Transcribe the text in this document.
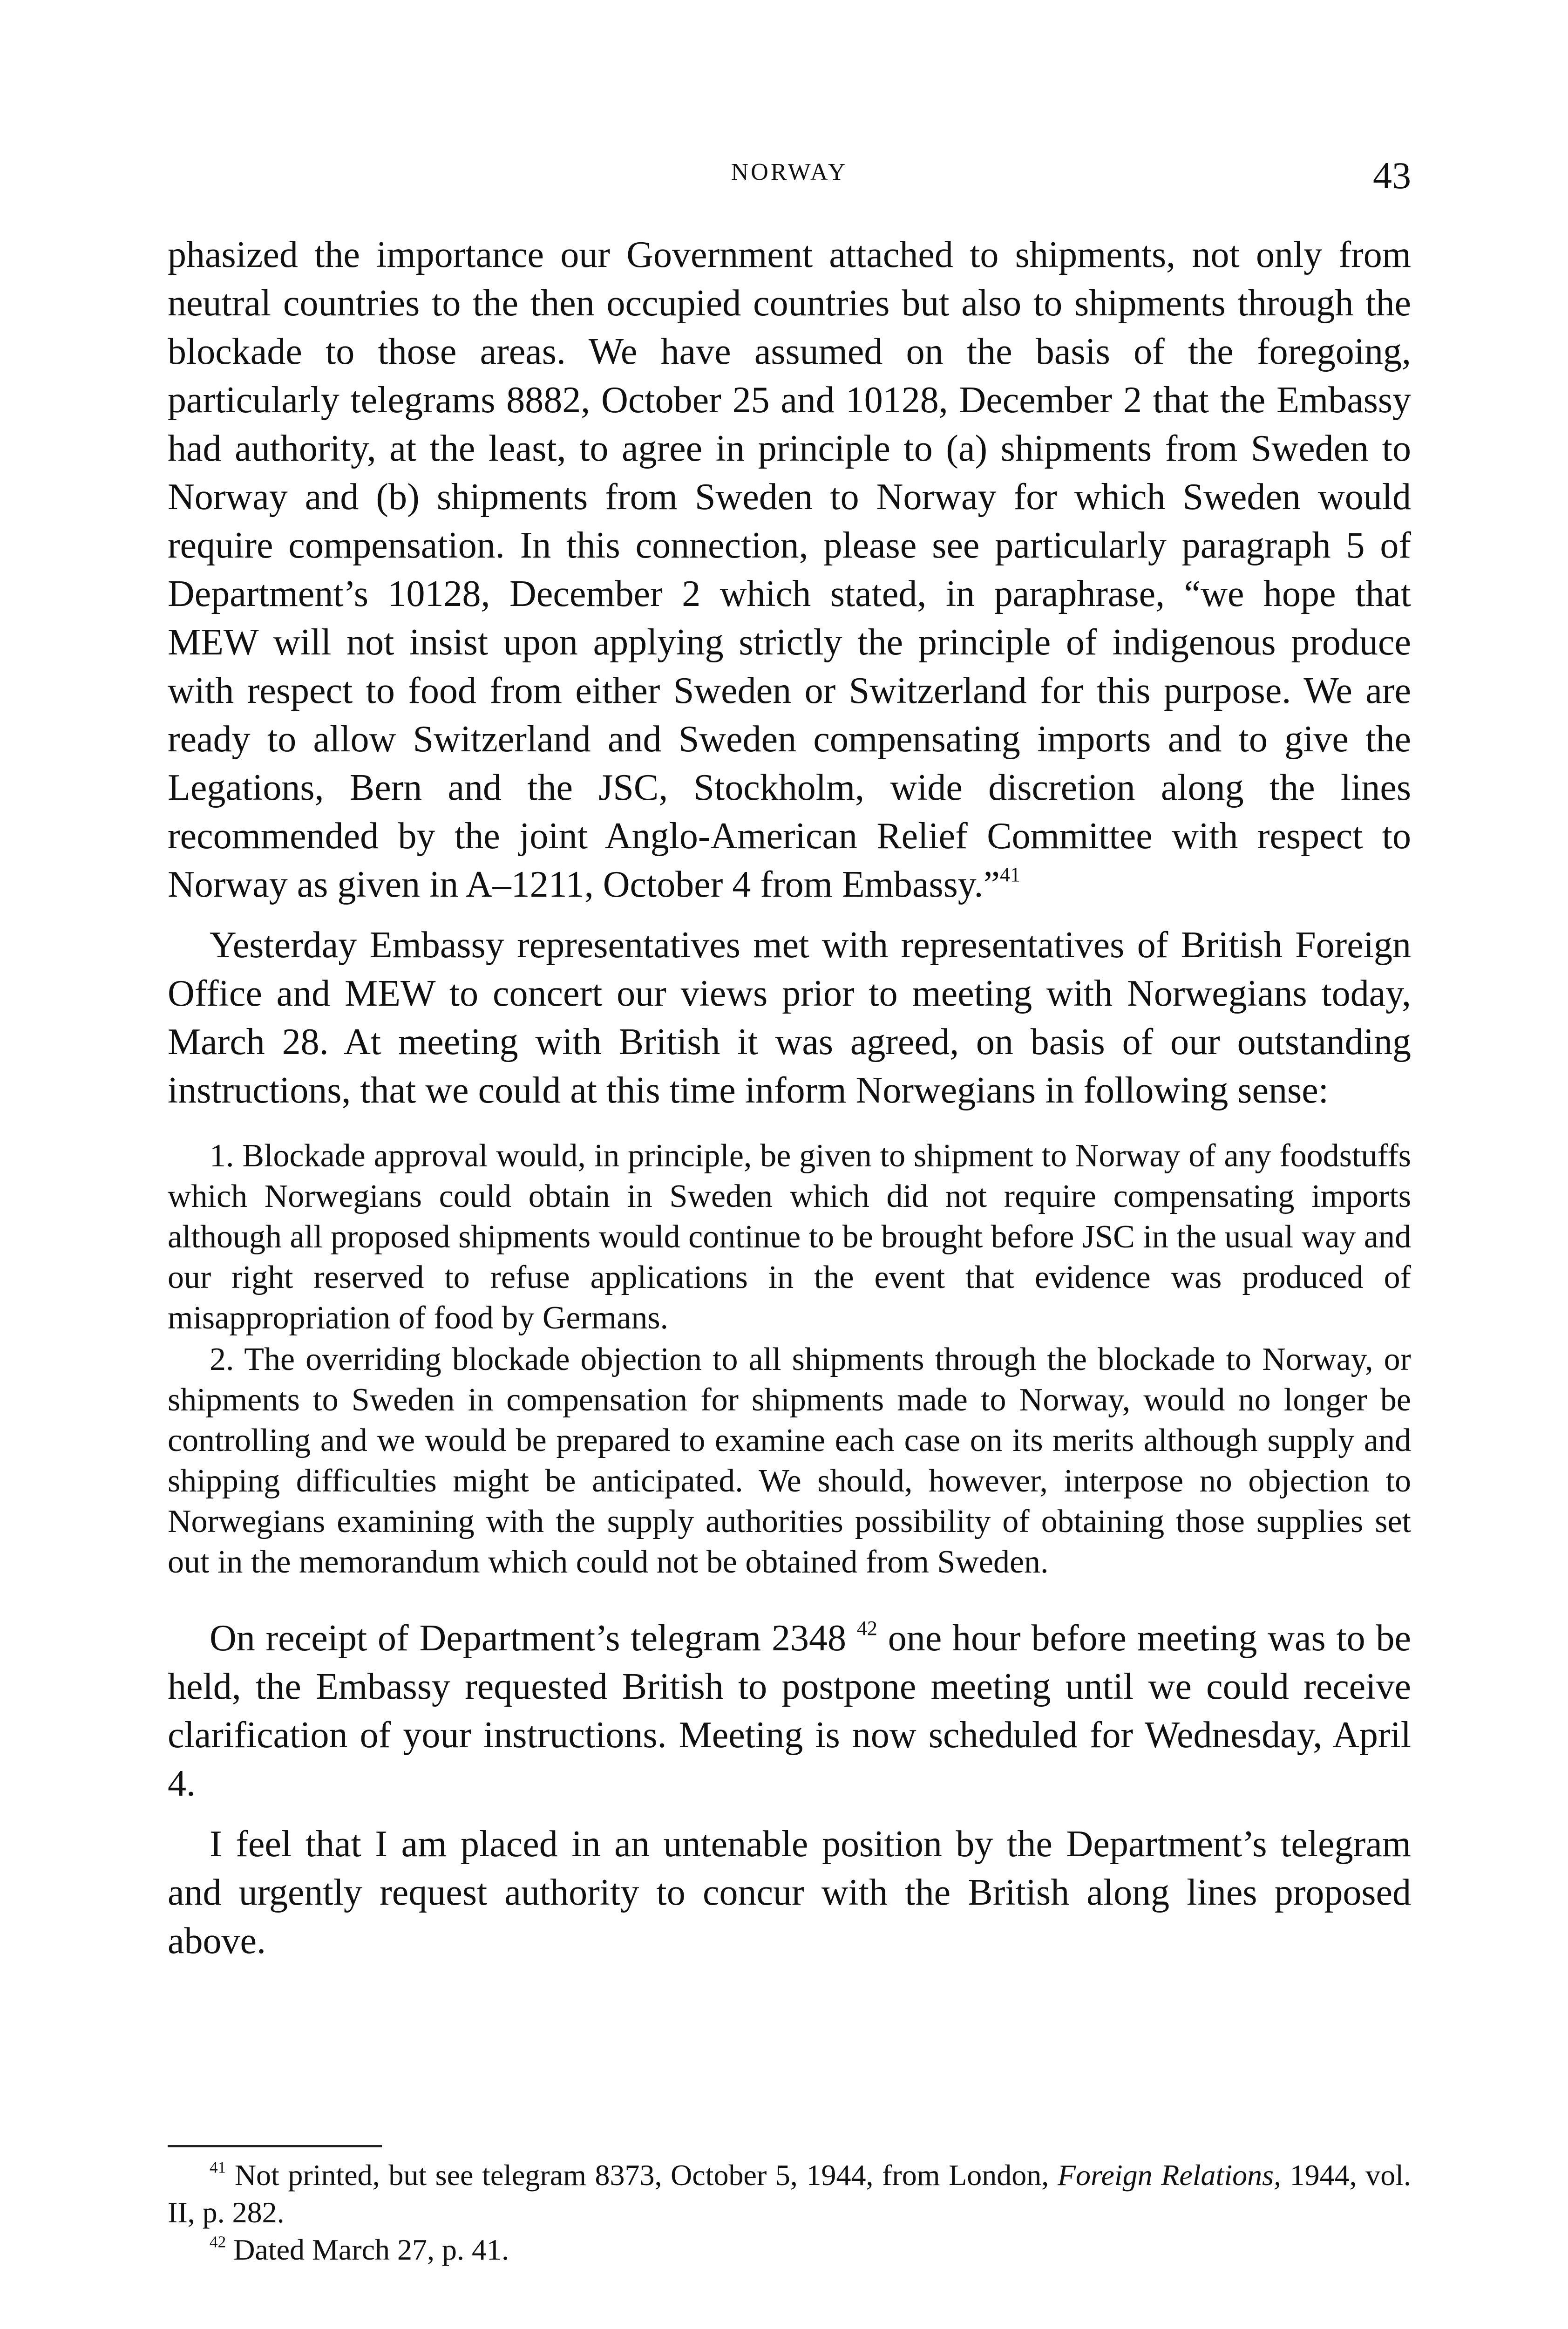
NORWAY	43

phasized the importance our Government attached to shipments, not only from neutral countries to the then occupied countries but also to shipments through the blockade to those areas. We have assumed on the basis of the foregoing, particularly telegrams 8882, October 25 and 10128, December 2 that the Embassy had authority, at the least, to agree in principle to (a) shipments from Sweden to Norway and (b) shipments from Sweden to Norway for which Sweden would require compensation. In this connection, please see particularly paragraph 5 of Department’s 10128, December 2 which stated, in paraphrase, “we hope that MEW will not insist upon applying strictly the principle of indigenous produce with respect to food from either Sweden or Switzerland for this purpose. We are ready to allow Switzerland and Sweden compensating imports and to give the Legations, Bern and the JSC, Stockholm, wide discretion along the lines recommended by the joint Anglo-American Relief Committee with respect to Norway as given in A–1211, October 4 from Embassy.”$^{41}$

Yesterday Embassy representatives met with representatives of British Foreign Office and MEW to concert our views prior to meeting with Norwegians today, March 28. At meeting with British it was agreed, on basis of our outstanding instructions, that we could at this time inform Norwegians in following sense:

1. Blockade approval would, in principle, be given to shipment to Norway of any foodstuffs which Norwegians could obtain in Sweden which did not require compensating imports although all proposed shipments would continue to be brought before JSC in the usual way and our right reserved to refuse applications in the event that evidence was produced of misappropriation of food by Germans.

2. The overriding blockade objection to all shipments through the blockade to Norway, or shipments to Sweden in compensation for shipments made to Norway, would no longer be controlling and we would be prepared to examine each case on its merits although supply and shipping difficulties might be anticipated. We should, however, interpose no objection to Norwegians examining with the supply authorities possibility of obtaining those supplies set out in the memorandum which could not be obtained from Sweden.

On receipt of Department’s telegram 2348 $^{42}$ one hour before meeting was to be held, the Embassy requested British to postpone meeting until we could receive clarification of your instructions. Meeting is now scheduled for Wednesday, April 4.

I feel that I am placed in an untenable position by the Department’s telegram and urgently request authority to concur with the British along lines proposed above.

$^{41}$ Not printed, but see telegram 8373, October 5, 1944, from London, Foreign Relations, 1944, vol. II, p. 282.

$^{42}$ Dated March 27, p. 41.
